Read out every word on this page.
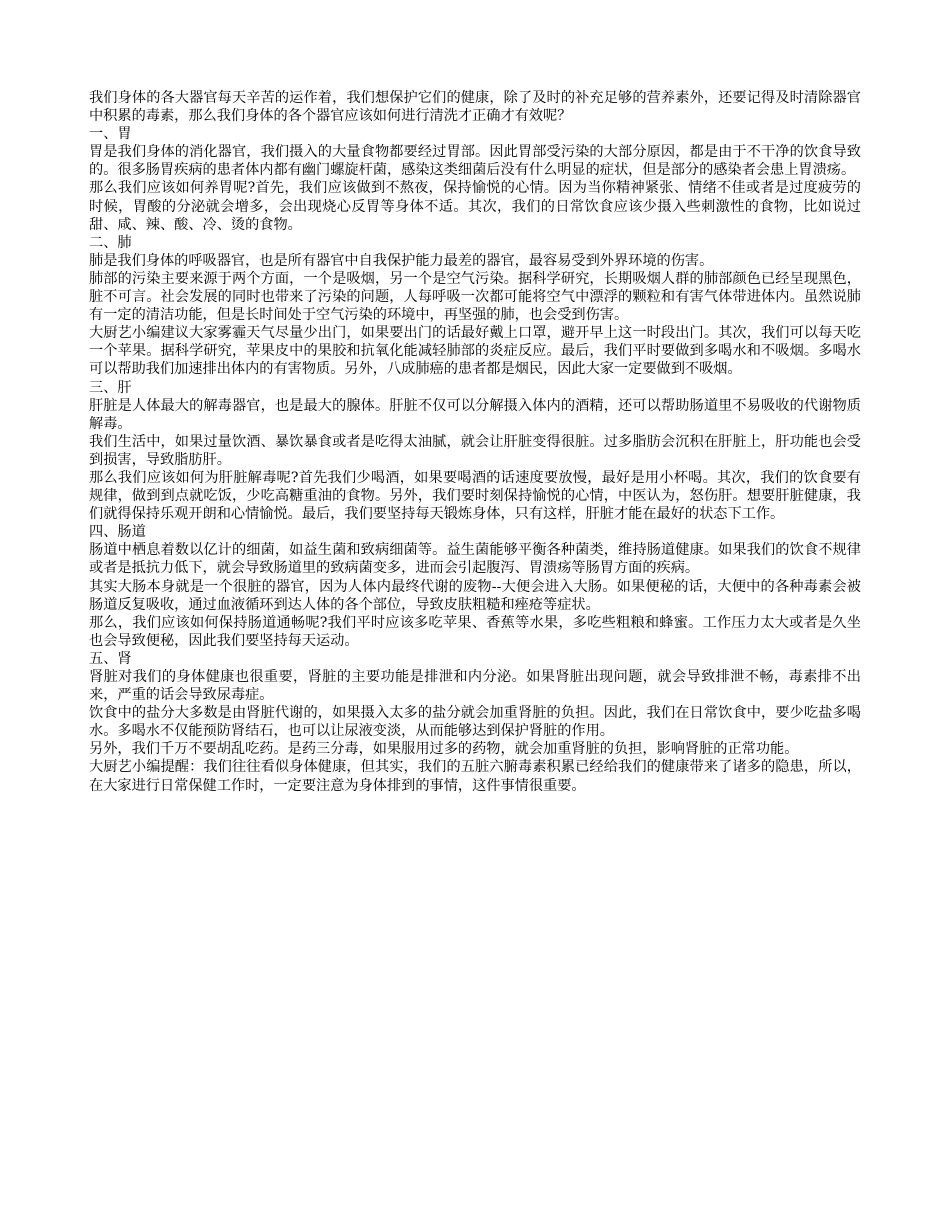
我们身体的各大器官每天辛苦的运作着，我们想保护它们的健康，除了及时的补充足够的营养素外，还要记得及时清除器官中积累的毒素，那么我们身体的各个器官应该如何进行清洗才正确才有效呢？

一、胃

胃是我们身体的消化器官，我们摄入的大量食物都要经过胃部。因此胃部受污染的大部分原因，都是由于不干净的饮食导致的。很多肠胃疾病的患者体内都有幽门螺旋杆菌，感染这类细菌后没有什么明显的症状，但是部分的感染者会患上胃溃疡。

那么我们应该如何养胃呢?首先，我们应该做到不熬夜，保持愉悦的心情。因为当你精神紧张、情绪不佳或者是过度疲劳的时候，胃酸的分泌就会增多，会出现烧心反胃等身体不适。其次，我们的日常饮食应该少摄入些刺激性的食物，比如说过甜、咸、辣、酸、冷、烫的食物。

二、肺

肺是我们身体的呼吸器官，也是所有器官中自我保护能力最差的器官，最容易受到外界环境的伤害。

肺部的污染主要来源于两个方面，一个是吸烟，另一个是空气污染。据科学研究，长期吸烟人群的肺部颜色已经呈现黑色，脏不可言。社会发展的同时也带来了污染的问题，人每呼吸一次都可能将空气中漂浮的颗粒和有害气体带进体内。虽然说肺有一定的清洁功能，但是长时间处于空气污染的环境中，再坚强的肺，也会受到伤害。

大厨艺小编建议大家雾霾天气尽量少出门，如果要出门的话最好戴上口罩，避开早上这一时段出门。其次，我们可以每天吃一个苹果。据科学研究，苹果皮中的果胶和抗氧化能减轻肺部的炎症反应。最后，我们平时要做到多喝水和不吸烟。多喝水可以帮助我们加速排出体内的有害物质。另外，八成肺癌的患者都是烟民，因此大家一定要做到不吸烟。

三、肝

肝脏是人体最大的解毒器官，也是最大的腺体。肝脏不仅可以分解摄入体内的酒精，还可以帮助肠道里不易吸收的代谢物质解毒。

我们生活中，如果过量饮酒、暴饮暴食或者是吃得太油腻，就会让肝脏变得很脏。过多脂肪会沉积在肝脏上，肝功能也会受到损害，导致脂肪肝。

那么我们应该如何为肝脏解毒呢?首先我们少喝酒，如果要喝酒的话速度要放慢，最好是用小杯喝。其次，我们的饮食要有规律，做到到点就吃饭，少吃高糖重油的食物。另外，我们要时刻保持愉悦的心情，中医认为，怒伤肝。想要肝脏健康，我们就得保持乐观开朗和心情愉悦。最后，我们要坚持每天锻炼身体，只有这样，肝脏才能在最好的状态下工作。

四、肠道

肠道中栖息着数以亿计的细菌，如益生菌和致病细菌等。益生菌能够平衡各种菌类，维持肠道健康。如果我们的饮食不规律或者是抵抗力低下，就会导致肠道里的致病菌变多，进而会引起腹泻、胃溃疡等肠胃方面的疾病。

其实大肠本身就是一个很脏的器官，因为人体内最终代谢的废物--大便会进入大肠。如果便秘的话，大便中的各种毒素会被肠道反复吸收，通过血液循环到达人体的各个部位，导致皮肤粗糙和痤疮等症状。

那么，我们应该如何保持肠道通畅呢?我们平时应该多吃苹果、香蕉等水果，多吃些粗粮和蜂蜜。工作压力太大或者是久坐也会导致便秘，因此我们要坚持每天运动。

五、肾

肾脏对我们的身体健康也很重要，肾脏的主要功能是排泄和内分泌。如果肾脏出现问题，就会导致排泄不畅，毒素排不出来，严重的话会导致尿毒症。

饮食中的盐分大多数是由肾脏代谢的，如果摄入太多的盐分就会加重肾脏的负担。因此，我们在日常饮食中，要少吃盐多喝水。多喝水不仅能预防肾结石，也可以让尿液变淡，从而能够达到保护肾脏的作用。

另外，我们千万不要胡乱吃药。是药三分毒，如果服用过多的药物，就会加重肾脏的负担，影响肾脏的正常功能。

大厨艺小编提醒：我们往往看似身体健康，但其实，我们的五脏六腑毒素积累已经给我们的健康带来了诸多的隐患，所以，在大家进行日常保健工作时，一定要注意为身体排到的事情，这件事情很重要。
